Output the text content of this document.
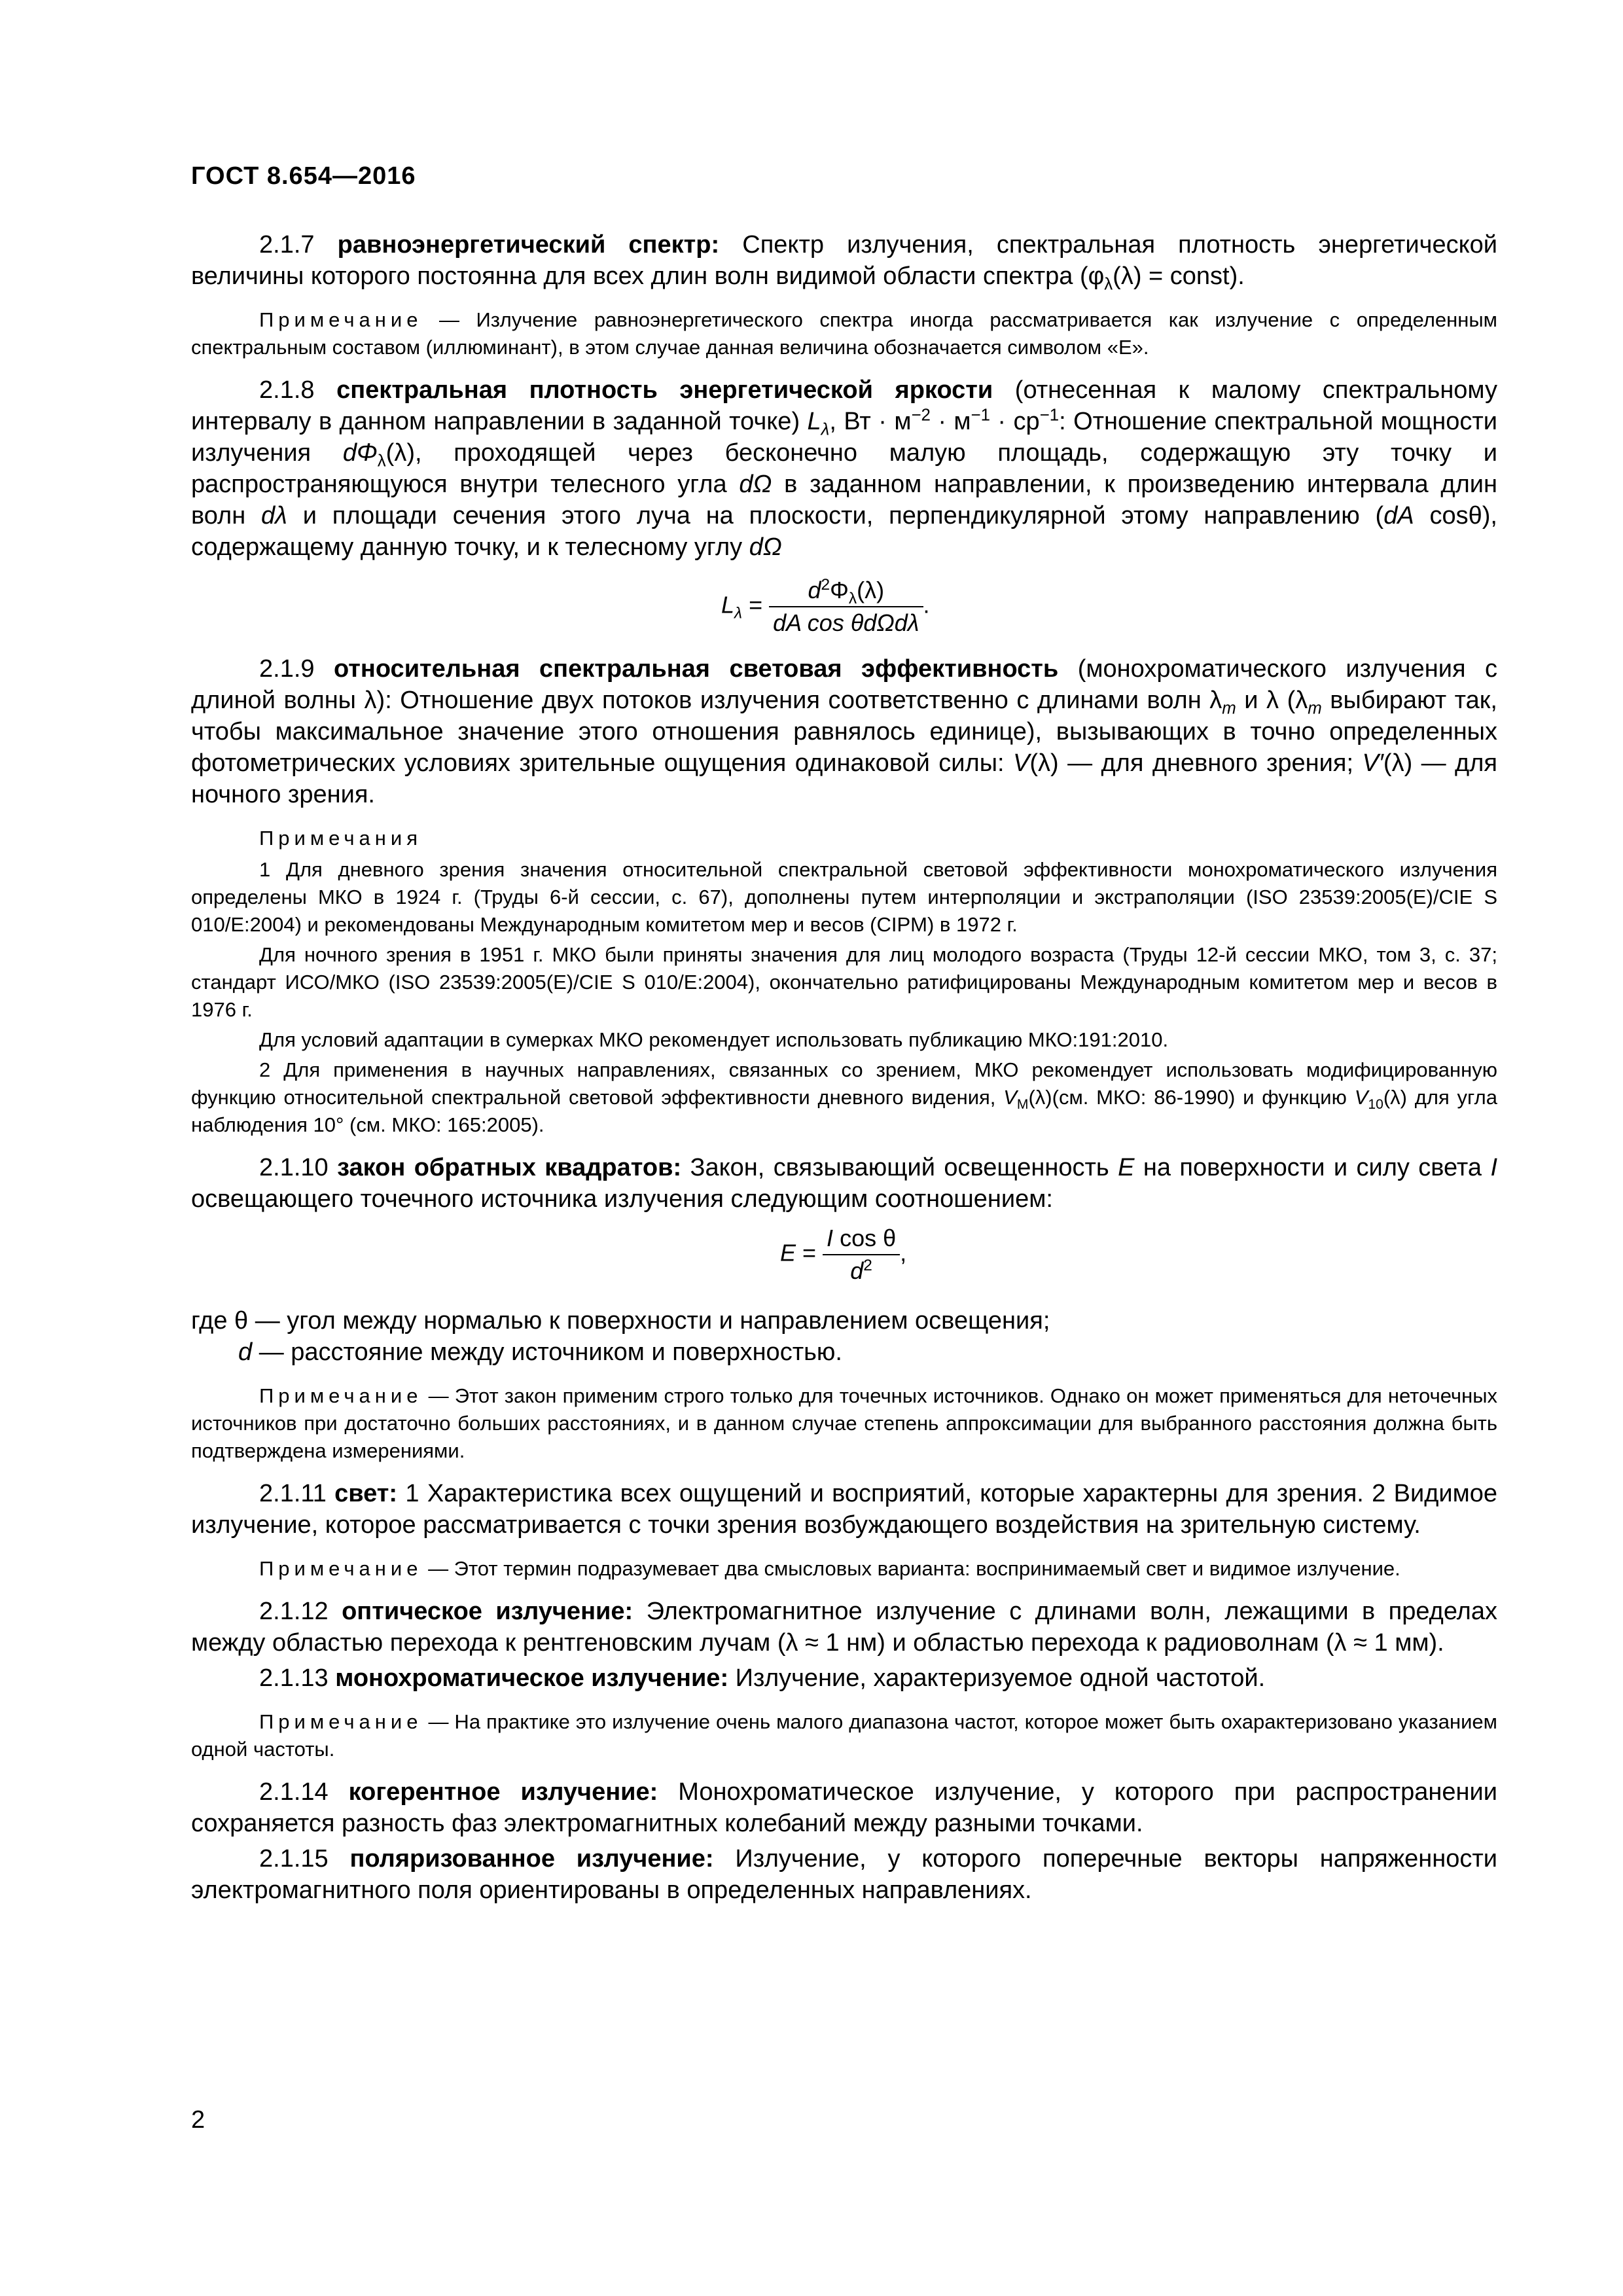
ГОСТ 8.654—2016

2.1.7 равноэнергетический спектр: Спектр излучения, спектральная плотность энергетической величины которого постоянна для всех длин волн видимой области спектра ($\varphi_\lambda(\lambda)$ = const).

Примечание — Излучение равноэнергетического спектра иногда рассматривается как излучение с определенным спектральным составом (иллюминант), в этом случае данная величина обозначается символом «Е».

2.1.8 спектральная плотность энергетической яркости (отнесенная к малому спектральному интервалу в данном направлении в заданной точке) $L_\lambda$, Вт · $м^{-2} \cdot м^{-1} \cdot ср^{-1}$: Отношение спектральной мощности излучения $d\Phi_\lambda(\lambda)$, проходящей через бесконечно малую площадь, содержащую эту точку и распространяющуюся внутри телесного угла dΩ в заданном направлении, к произведению интервала длин волн dλ и площади сечения этого луча на плоскости, перпендикулярной этому направлению (dA cosθ), содержащему данную точку, и к телесному углу dΩ

$L_\lambda = \frac{d^2\Phi_\lambda(\lambda)}{\text{dA cos θdΩdλ}}$ .

2.1.9 относительная спектральная световая эффективность (монохроматического излучения с длиной волны λ): Отношение двух потоков излучения соответственно с длинами волн $\lambda_m$ и λ ($\lambda_m$ выбирают так, чтобы максимальное значение этого отношения равнялось единице), вызывающих в точно определенных фотометрических условиях зрительные ощущения одинаковой силы: V(λ) — для дневного зрения; V′(λ) — для ночного зрения.

Примечания

1 Для дневного зрения значения относительной спектральной световой эффективности монохроматического излучения определены МКО в 1924 г. (Труды 6-й сессии, с. 67), дополнены путем интерполяции и экстраполяции (ISO 23539:2005(E)/CIE S 010/E:2004) и рекомендованы Международным комитетом мер и весов (CIPM) в 1972 г.

Для ночного зрения в 1951 г. МКО были приняты значения для лиц молодого возраста (Труды 12-й сессии МКО, том 3, с. 37; стандарт ИСО/МКО (ISO 23539:2005(E)/CIE S 010/E:2004), окончательно ратифицированы Международным комитетом мер и весов в 1976 г.

Для условий адаптации в сумерках МКО рекомендует использовать публикацию МКО:191:2010.

2 Для применения в научных направлениях, связанных со зрением, МКО рекомендует использовать модифицированную функцию относительной спектральной световой эффективности дневного видения, $V_M(\lambda)(см$. МКО: 86-1990) и функцию $V_{10}(\lambda)$ для угла наблюдения 10° (см. МКО: 165:2005).

2.1.10 закон обратных квадратов: Закон, связывающий освещенность E на поверхности и силу света I освещающего точечного источника излучения следующим соотношением:

$E = \frac{\text{I cos θ}}{d^2}$ ,

где θ — угол между нормалью к поверхности и направлением освещения;

d — расстояние между источником и поверхностью.

Примечание — Этот закон применим строго только для точечных источников. Однако он может применяться для неточечных источников при достаточно больших расстояниях, и в данном случае степень аппроксимации для выбранного расстояния должна быть подтверждена измерениями.

2.1.11 свет: 1 Характеристика всех ощущений и восприятий, которые характерны для зрения. 2 Видимое излучение, которое рассматривается с точки зрения возбуждающего воздействия на зрительную систему.

Примечание — Этот термин подразумевает два смысловых варианта: воспринимаемый свет и видимое излучение.

2.1.12 оптическое излучение: Электромагнитное излучение с длинами волн, лежащими в пределах между областью перехода к рентгеновским лучам (λ ≈ 1 нм) и областью перехода к радиоволнам (λ ≈ 1 мм).

2.1.13 монохроматическое излучение: Излучение, характеризуемое одной частотой.

Примечание — На практике это излучение очень малого диапазона частот, которое может быть охарактеризовано указанием одной частоты.

2.1.14 когерентное излучение: Монохроматическое излучение, у которого при распространении сохраняется разность фаз электромагнитных колебаний между разными точками.

2.1.15 поляризованное излучение: Излучение, у которого поперечные векторы напряженности электромагнитного поля ориентированы в определенных направлениях.

2
